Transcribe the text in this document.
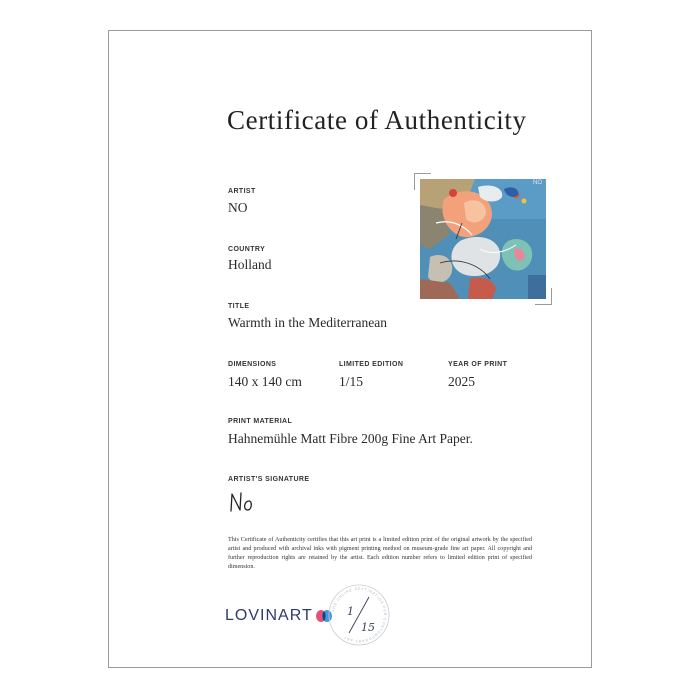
Certificate of Authenticity
ARTIST
NO
COUNTRY
Holland
TITLE
Warmth in the Mediterranean
DIMENSIONS
140 x 140 cm
LIMITED EDITION
1/15
YEAR OF PRINT
2025
PRINT MATERIAL
Hahnemühle Matt Fibre 200g Fine Art Paper.
ARTIST'S SIGNATURE
NO
This Certificate of Authenticity certifies that this art print is a limited edition print of the original artwork by the specified artist and produced with archival inks with pigment printing method on museum-grade fine art paper. All copyright and further reproduction rights are retained by the artist. Each edition number refers to limited edition print of specified dimension.
LOVINART	THE ONLINE DESTINATION FOR CONTEMPORARY ART
1
15
